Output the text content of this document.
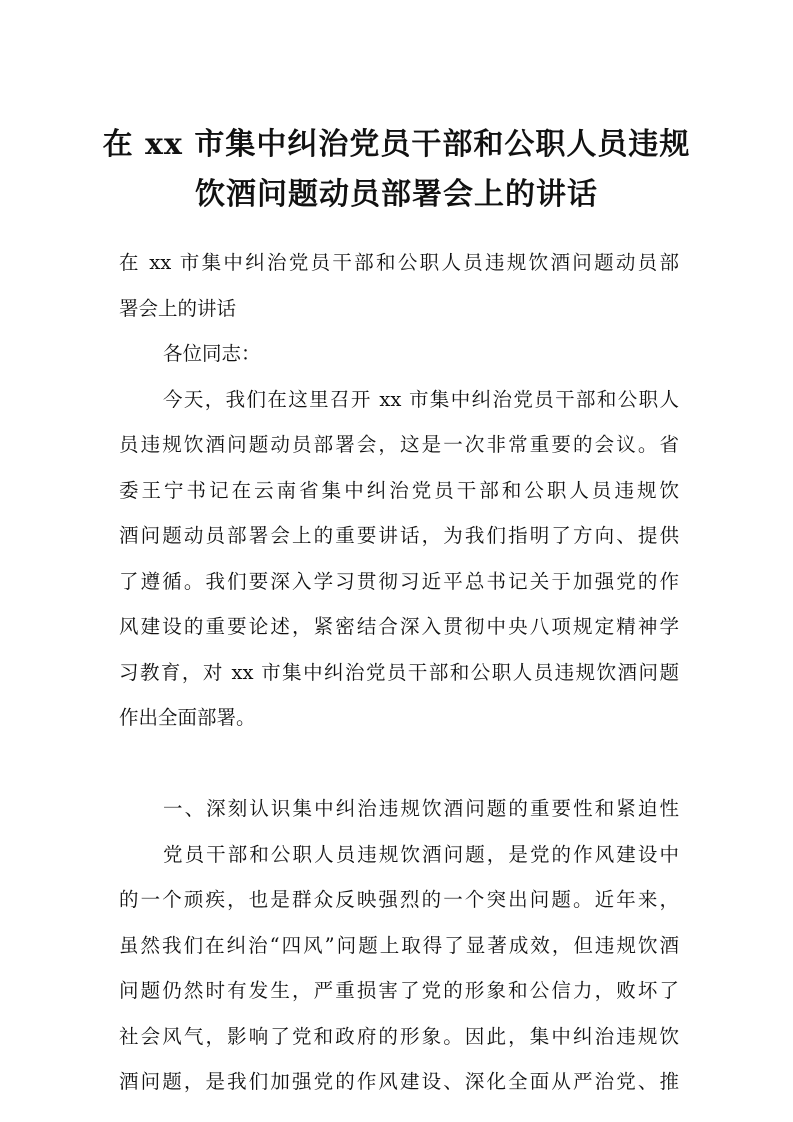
在 xx 市集中纠治党员干部和公职人员违规
饮酒问题动员部署会上的讲话
在 xx 市集中纠治党员干部和公职人员违规饮酒问题动员部
署会上的讲话
各位同志：
今天，我们在这里召开 xx 市集中纠治党员干部和公职人
员违规饮酒问题动员部署会，这是一次非常重要的会议。省
委王宁书记在云南省集中纠治党员干部和公职人员违规饮
酒问题动员部署会上的重要讲话，为我们指明了方向、提供
了遵循。我们要深入学习贯彻习近平总书记关于加强党的作
风建设的重要论述，紧密结合深入贯彻中央八项规定精神学
习教育，对 xx 市集中纠治党员干部和公职人员违规饮酒问题
作出全面部署。
一、深刻认识集中纠治违规饮酒问题的重要性和紧迫性
党员干部和公职人员违规饮酒问题，是党的作风建设中
的一个顽疾，也是群众反映强烈的一个突出问题。近年来，
虽然我们在纠治“四风”问题上取得了显著成效，但违规饮酒
问题仍然时有发生，严重损害了党的形象和公信力，败坏了
社会风气，影响了党和政府的形象。因此，集中纠治违规饮
酒问题，是我们加强党的作风建设、深化全面从严治党、推
